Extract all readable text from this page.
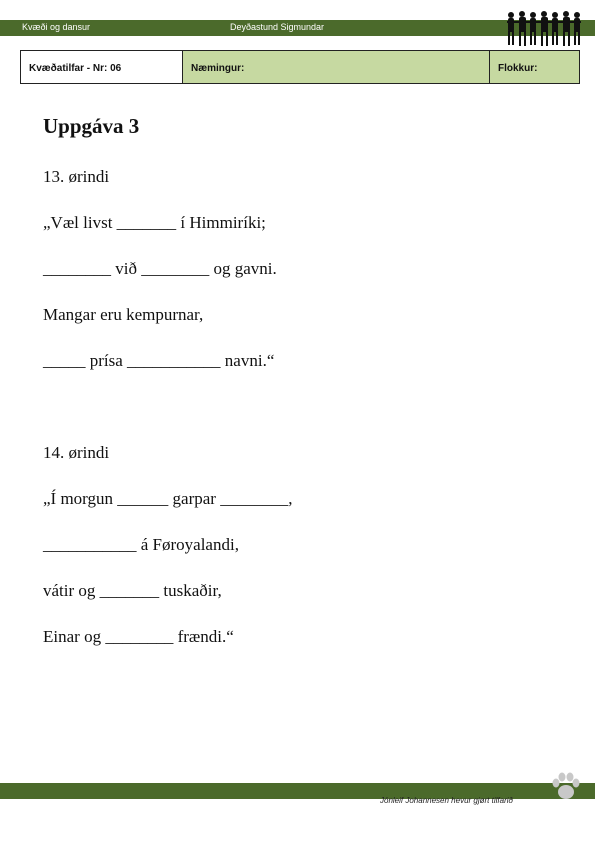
Kvæði og dansur	Deyðastund Sigmundar
Kvæðatilfar - Nr: 06	Næmingur:	Flokkur:
Uppgáva 3
13. ørindi
„Væl livst _______ í Himmiríki;
________ við ________ og gavni.
Mangar eru kempurnar,
_____ prísa ___________ navni.“
14. ørindi
„Í morgun ______ garpar ________,
___________ á Føroyalandi,
vátir og _______ tuskaðir,
Einar og ________ frændi.“
Jónleif Johannesen hevur gjørt tilfarið
